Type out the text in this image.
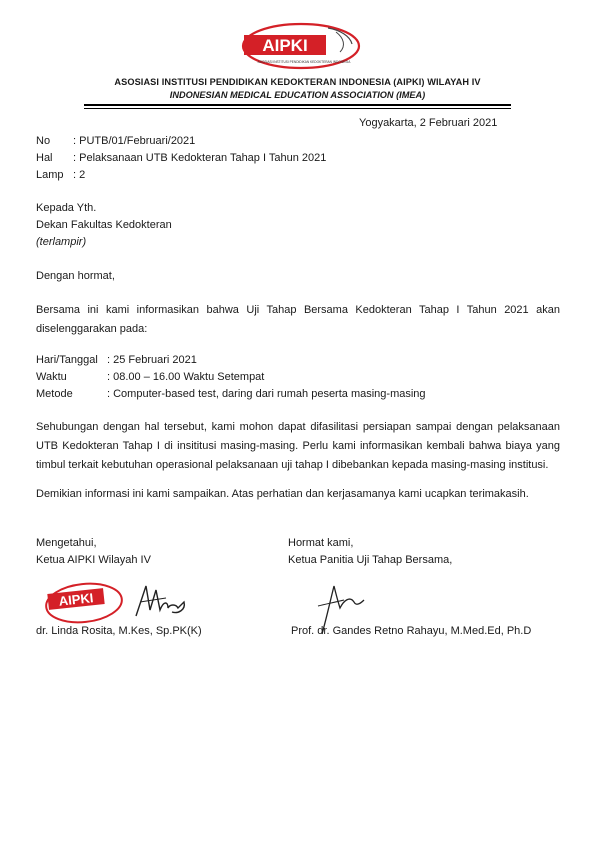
AIPKI
ASOSIASI INSTITUSI PENDIDIKAN KEDOKTERAN INDONESIA
ASOSIASI INSTITUSI PENDIDIKAN KEDOKTERAN INDONESIA (AIPKI) WILAYAH IV
INDONESIAN MEDICAL EDUCATION ASSOCIATION (IMEA)
Yogyakarta, 2 Februari 2021
No : PUTB/01/Februari/2021
Hal : Pelaksanaan UTB Kedokteran Tahap I Tahun 2021
Lamp : 2
Kepada Yth.
Dekan Fakultas Kedokteran
(terlampir)
Dengan hormat,
Bersama ini kami informasikan bahwa Uji Tahap Bersama Kedokteran Tahap I Tahun 2021 akan diselenggarakan pada:
Hari/Tanggal : 25 Februari 2021
Waktu	: 08.00 – 16.00 Waktu Setempat
Metode	: Computer-based test, daring dari rumah peserta masing-masing
Sehubungan dengan hal tersebut, kami mohon dapat difasilitasi persiapan sampai dengan pelaksanaan UTB Kedokteran Tahap I di insititusi masing-masing. Perlu kami informasikan kembali bahwa biaya yang timbul terkait kebutuhan operasional pelaksanaan uji tahap I dibebankan kepada masing-masing institusi.
Demikian informasi ini kami sampaikan. Atas perhatian dan kerjasamanya kami ucapkan terimakasih.
Mengetahui,
Ketua AIPKI Wilayah IV
Hormat kami,
Ketua Panitia Uji Tahap Bersama,
AIPKI
dr. Linda Rosita, M.Kes, Sp.PK(K)	Prof. dr. Gandes Retno Rahayu, M.Med.Ed, Ph.D
